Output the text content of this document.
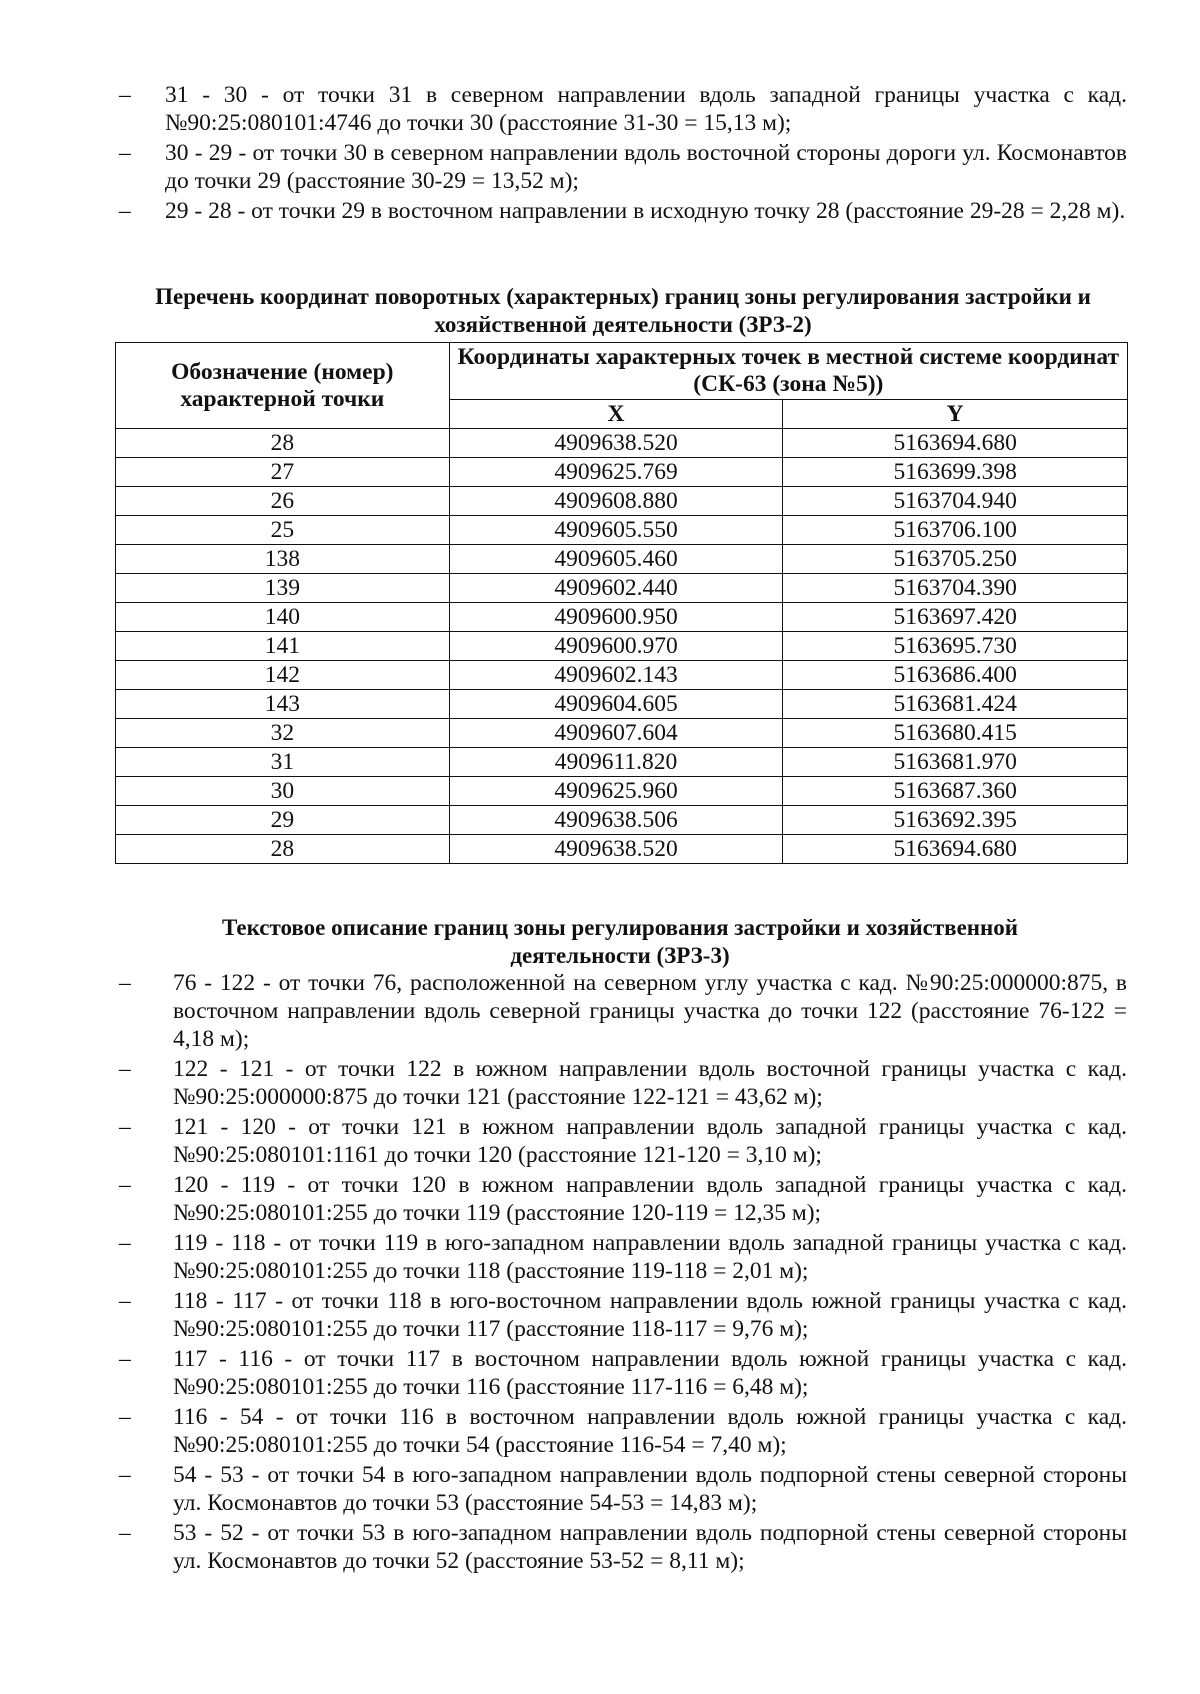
–	31 - 30 - от точки 31 в северном направлении вдоль западной границы участка с кад. №90:25:080101:4746 до точки 30 (расстояние 31-30 = 15,13 м);
–	30 - 29 - от точки 30 в северном направлении вдоль восточной стороны дороги ул. Космонавтов до точки 29 (расстояние 30-29 = 13,52 м);
–	29 - 28 - от точки 29 в восточном направлении в исходную точку 28 (расстояние 29-28 = 2,28 м).
Перечень координат поворотных (характерных) границ зоны регулирования застройки и хозяйственной деятельности (ЗРЗ-2)
Обозначение (номер) характерной точки	Координаты характерных точек в местной системе координат (СК-63 (зона №5))	
	X	Y
28	4909638.520	5163694.680
27	4909625.769	5163699.398
26	4909608.880	5163704.940
25	4909605.550	5163706.100
138	4909605.460	5163705.250
139	4909602.440	5163704.390
140	4909600.950	5163697.420
141	4909600.970	5163695.730
142	4909602.143	5163686.400
143	4909604.605	5163681.424
32	4909607.604	5163680.415
31	4909611.820	5163681.970
30	4909625.960	5163687.360
29	4909638.506	5163692.395
28	4909638.520	5163694.680
Текстовое описание границ зоны регулирования застройки и хозяйственной деятельности (ЗРЗ-3)
–	76 - 122 - от точки 76, расположенной на северном углу участка с кад. №90:25:000000:875, в восточном направлении вдоль северной границы участка до точки 122 (расстояние 76-122 = 4,18 м);
–	122 - 121 - от точки 122 в южном направлении вдоль восточной границы участка с кад. №90:25:000000:875 до точки 121 (расстояние 122-121 = 43,62 м);
–	121 - 120 - от точки 121 в южном направлении вдоль западной границы участка с кад. №90:25:080101:1161 до точки 120 (расстояние 121-120 = 3,10 м);
–	120 - 119 - от точки 120 в южном направлении вдоль западной границы участка с кад. №90:25:080101:255 до точки 119 (расстояние 120-119 = 12,35 м);
–	119 - 118 - от точки 119 в юго-западном направлении вдоль западной границы участка с кад. №90:25:080101:255 до точки 118 (расстояние 119-118 = 2,01 м);
–	118 - 117 - от точки 118 в юго-восточном направлении вдоль южной границы участка с кад. №90:25:080101:255 до точки 117 (расстояние 118-117 = 9,76 м);
–	117 - 116 - от точки 117 в восточном направлении вдоль южной границы участка с кад. №90:25:080101:255 до точки 116 (расстояние 117-116 = 6,48 м);
–	116 - 54 - от точки 116 в восточном направлении вдоль южной границы участка с кад. №90:25:080101:255 до точки 54 (расстояние 116-54 = 7,40 м);
–	54 - 53 - от точки 54 в юго-западном направлении вдоль подпорной стены северной стороны ул. Космонавтов до точки 53 (расстояние 54-53 = 14,83 м);
–	53 - 52 - от точки 53 в юго-западном направлении вдоль подпорной стены северной стороны ул. Космонавтов до точки 52 (расстояние 53-52 = 8,11 м);
